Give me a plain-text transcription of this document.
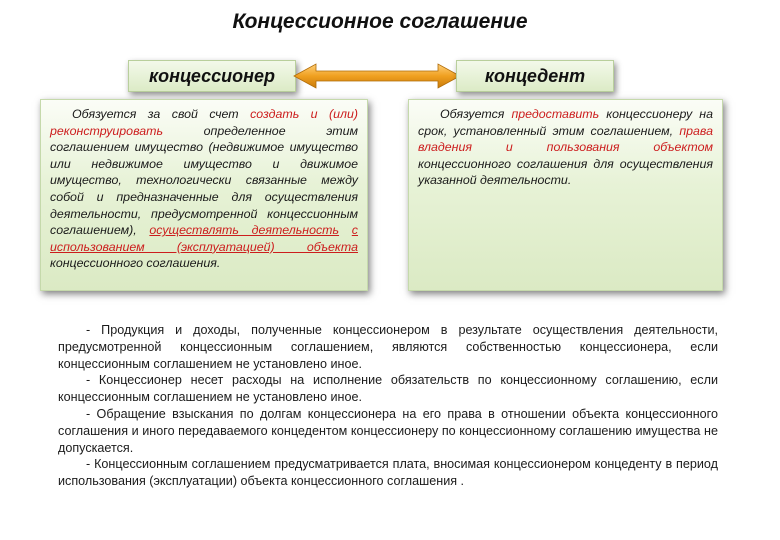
Концессионное соглашение
концессионер	концедент

Обязуется за свой счет создать и (или) реконструировать определенное этим соглашением имущество (недвижимое имущество или недвижимое имущество и движимое имущество, технологически связанные между собой и предназначенные для осуществления деятельности, предусмотренной концессионным соглашением), осуществлять деятельность с использованием (эксплуатацией) объекта концессионного соглашения.

Обязуется предоставить концессионеру на срок, установленный этим соглашением, права владения и пользования объектом концессионного соглашения для осуществления указанной деятельности.

- Продукция и доходы, полученные концессионером в результате осуществления деятельности, предусмотренной концессионным соглашением, являются собственностью концессионера, если концессионным соглашением не установлено иное.

- Концессионер несет расходы на исполнение обязательств по концессионному соглашению, если концессионным соглашением не установлено иное.

- Обращение взыскания по долгам концессионера на его права в отношении объекта концессионного соглашения и иного передаваемого концедентом концессионеру по концессионному соглашению имущества не допускается.

- Концессионным соглашением предусматривается плата, вносимая концессионером концеденту в период использования (эксплуатации) объекта концессионного соглашения .
